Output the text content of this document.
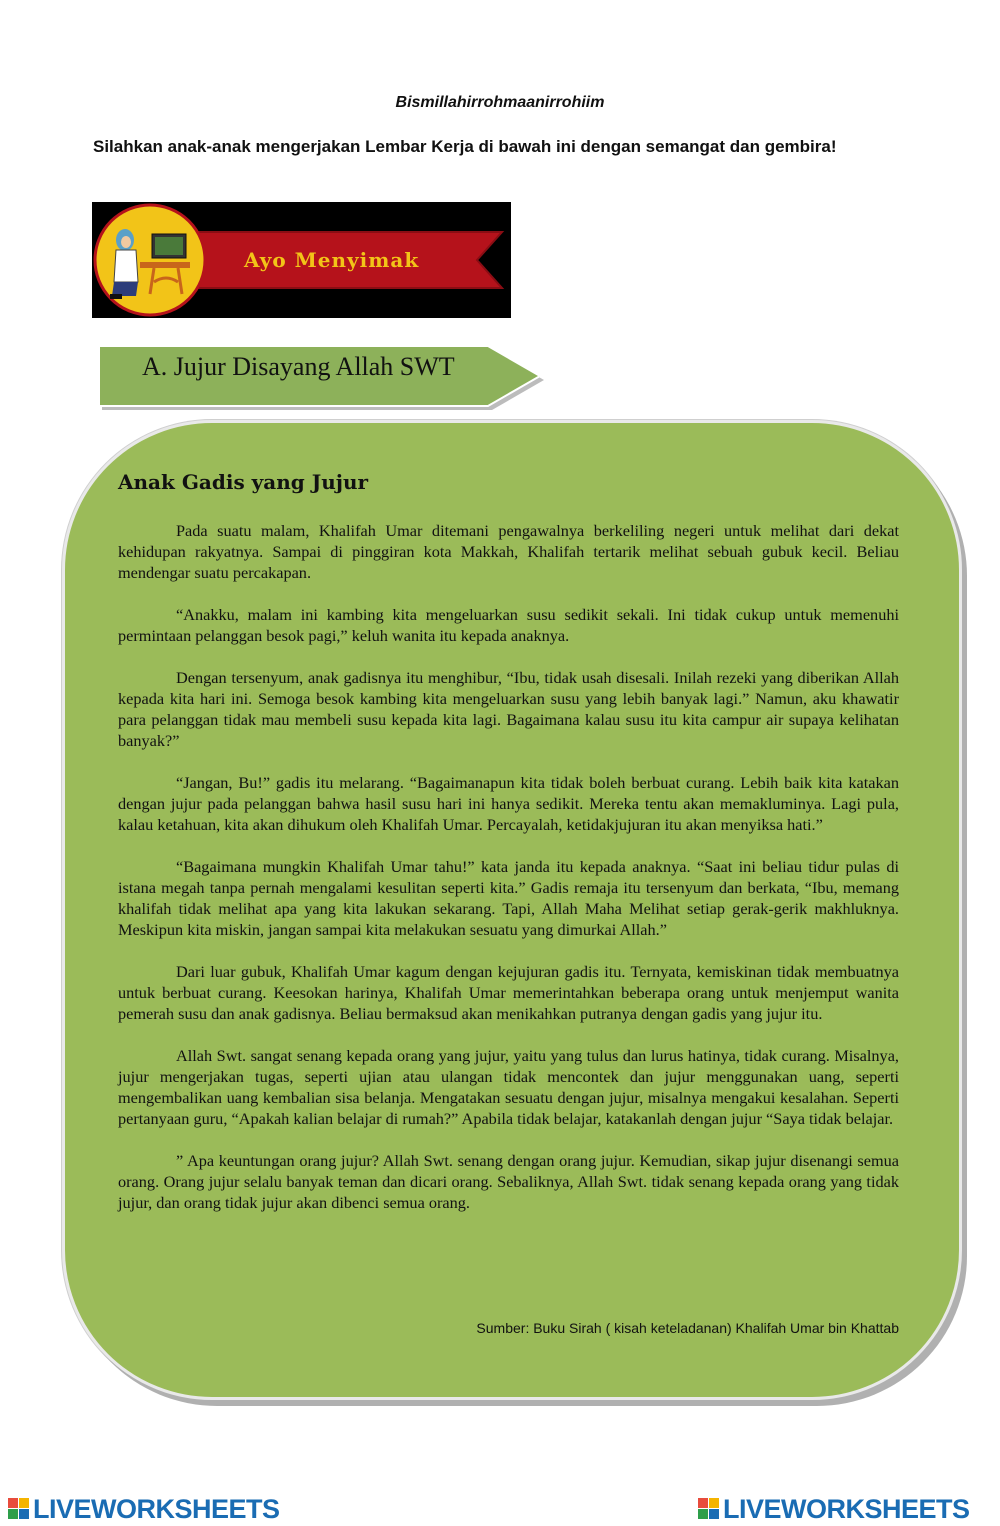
Bismillahirrohmaanirrohiim
Silahkan anak-anak mengerjakan Lembar Kerja di bawah ini dengan semangat dan gembira!
Ayo Menyimak
A. Jujur Disayang Allah SWT
Anak Gadis yang Jujur

Pada suatu malam, Khalifah Umar ditemani pengawalnya berkeliling negeri untuk melihat dari dekat kehidupan rakyatnya. Sampai di pinggiran kota Makkah, Khalifah tertarik melihat sebuah gubuk kecil. Beliau mendengar suatu percakapan.

“Anakku, malam ini kambing kita mengeluarkan susu sedikit sekali. Ini tidak cukup untuk memenuhi permintaan pelanggan besok pagi,” keluh wanita itu kepada anaknya.

Dengan tersenyum, anak gadisnya itu menghibur, “Ibu, tidak usah disesali. Inilah rezeki yang diberikan Allah kepada kita hari ini. Semoga besok kambing kita mengeluarkan susu yang lebih banyak lagi.” Namun, aku khawatir para pelanggan tidak mau membeli susu kepada kita lagi. Bagaimana kalau susu itu kita campur air supaya kelihatan banyak?”

“Jangan, Bu!” gadis itu melarang. “Bagaimanapun kita tidak boleh berbuat curang. Lebih baik kita katakan dengan jujur pada pelanggan bahwa hasil susu hari ini hanya sedikit. Mereka tentu akan memakluminya. Lagi pula, kalau ketahuan, kita akan dihukum oleh Khalifah Umar. Percayalah, ketidakjujuran itu akan menyiksa hati.”

“Bagaimana mungkin Khalifah Umar tahu!” kata janda itu kepada anaknya. “Saat ini beliau tidur pulas di istana megah tanpa pernah mengalami kesulitan seperti kita.” Gadis remaja itu tersenyum dan berkata, “Ibu, memang khalifah tidak melihat apa yang kita lakukan sekarang. Tapi, Allah Maha Melihat setiap gerak-gerik makhluknya. Meskipun kita miskin, jangan sampai kita melakukan sesuatu yang dimurkai Allah.”

Dari luar gubuk, Khalifah Umar kagum dengan kejujuran gadis itu. Ternyata, kemiskinan tidak membuatnya untuk berbuat curang. Keesokan harinya, Khalifah Umar memerintahkan beberapa orang untuk menjemput wanita pemerah susu dan anak gadisnya. Beliau bermaksud akan menikahkan putranya dengan gadis yang jujur itu.

Allah Swt. sangat senang kepada orang yang jujur, yaitu yang tulus dan lurus hatinya, tidak curang. Misalnya, jujur mengerjakan tugas, seperti ujian atau ulangan tidak mencontek dan jujur menggunakan uang, seperti mengembalikan uang kembalian sisa belanja. Mengatakan sesuatu dengan jujur, misalnya mengakui kesalahan. Seperti pertanyaan guru, “Apakah kalian belajar di rumah?” Apabila tidak belajar, katakanlah dengan jujur “Saya tidak belajar.

” Apa keuntungan orang jujur? Allah Swt. senang dengan orang jujur. Kemudian, sikap jujur disenangi semua orang. Orang jujur selalu banyak teman dan dicari orang. Sebaliknya, Allah Swt. tidak senang kepada orang yang tidak jujur, dan orang tidak jujur akan dibenci semua orang.

Sumber: Buku Sirah ( kisah keteladanan) Khalifah Umar bin Khattab
LIVEWORKSHEETS	LIVEWORKSHEETS
